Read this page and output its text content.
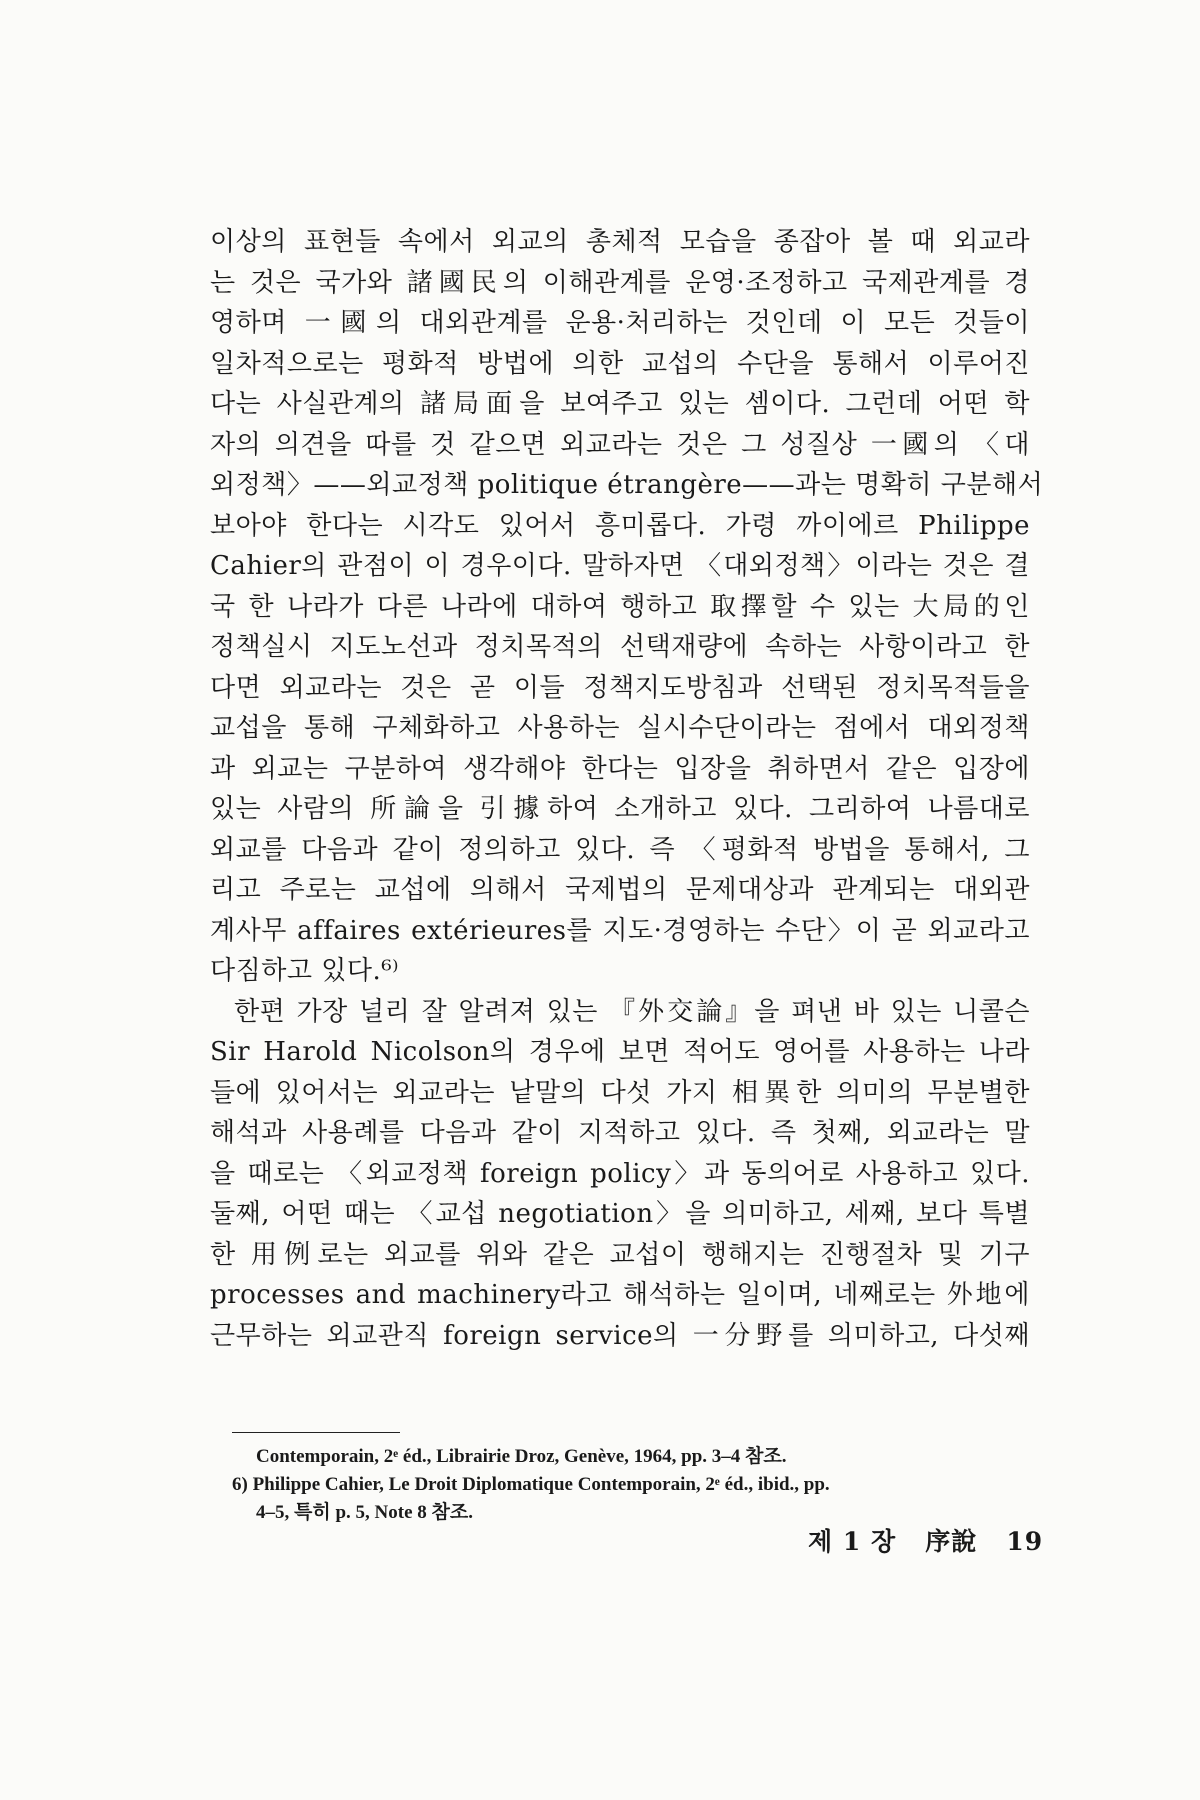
이상의 표현들 속에서 외교의 총체적 모습을 종잡아 볼 때 외교라
는 것은 국가와 諸國民의 이해관계를 운영·조정하고 국제관계를 경
영하며 一國의 대외관계를 운용·처리하는 것인데 이 모든 것들이
일차적으로는 평화적 방법에 의한 교섭의 수단을 통해서 이루어진
다는 사실관계의 諸局面을 보여주고 있는 셈이다. 그런데 어떤 학
자의 의견을 따를 것 같으면 외교라는 것은 그 성질상 一國의 〈대
외정책〉——외교정책 politique étrangère——과는 명확히 구분해서
보아야 한다는 시각도 있어서 흥미롭다. 가령 까이에르 Philippe
Cahier의 관점이 이 경우이다. 말하자면 〈대외정책〉이라는 것은 결
국 한 나라가 다른 나라에 대하여 행하고 取擇할 수 있는 大局的인
정책실시 지도노선과 정치목적의 선택재량에 속하는 사항이라고 한
다면 외교라는 것은 곧 이들 정책지도방침과 선택된 정치목적들을
교섭을 통해 구체화하고 사용하는 실시수단이라는 점에서 대외정책
과 외교는 구분하여 생각해야 한다는 입장을 취하면서 같은 입장에
있는 사람의 所論을 引據하여 소개하고 있다. 그리하여 나름대로
외교를 다음과 같이 정의하고 있다. 즉 〈평화적 방법을 통해서, 그
리고 주로는 교섭에 의해서 국제법의 문제대상과 관계되는 대외관
계사무 affaires extérieures를 지도·경영하는 수단〉이 곧 외교라고
다짐하고 있다.⁶⁾
한편 가장 널리 잘 알려져 있는 『外交論』을 펴낸 바 있는 니콜슨
Sir Harold Nicolson의 경우에 보면 적어도 영어를 사용하는 나라
들에 있어서는 외교라는 낱말의 다섯 가지 相異한 의미의 무분별한
해석과 사용례를 다음과 같이 지적하고 있다. 즉 첫째, 외교라는 말
을 때로는 〈외교정책 foreign policy〉과 동의어로 사용하고 있다.
둘째, 어떤 때는 〈교섭 negotiation〉을 의미하고, 세째, 보다 특별
한 用例로는 외교를 위와 같은 교섭이 행해지는 진행절차 및 기구
processes and machinery라고 해석하는 일이며, 네째로는 外地에
근무하는 외교관직 foreign service의 一分野를 의미하고, 다섯째
Contemporain, 2ᵉ éd., Librairie Droz, Genève, 1964, pp. 3–4 참조.
6) Philippe Cahier, Le Droit Diplomatique Contemporain, 2ᵉ éd., ibid., pp.
4–5, 특히 p. 5, Note 8 참조.
제 1 장 序說 19
